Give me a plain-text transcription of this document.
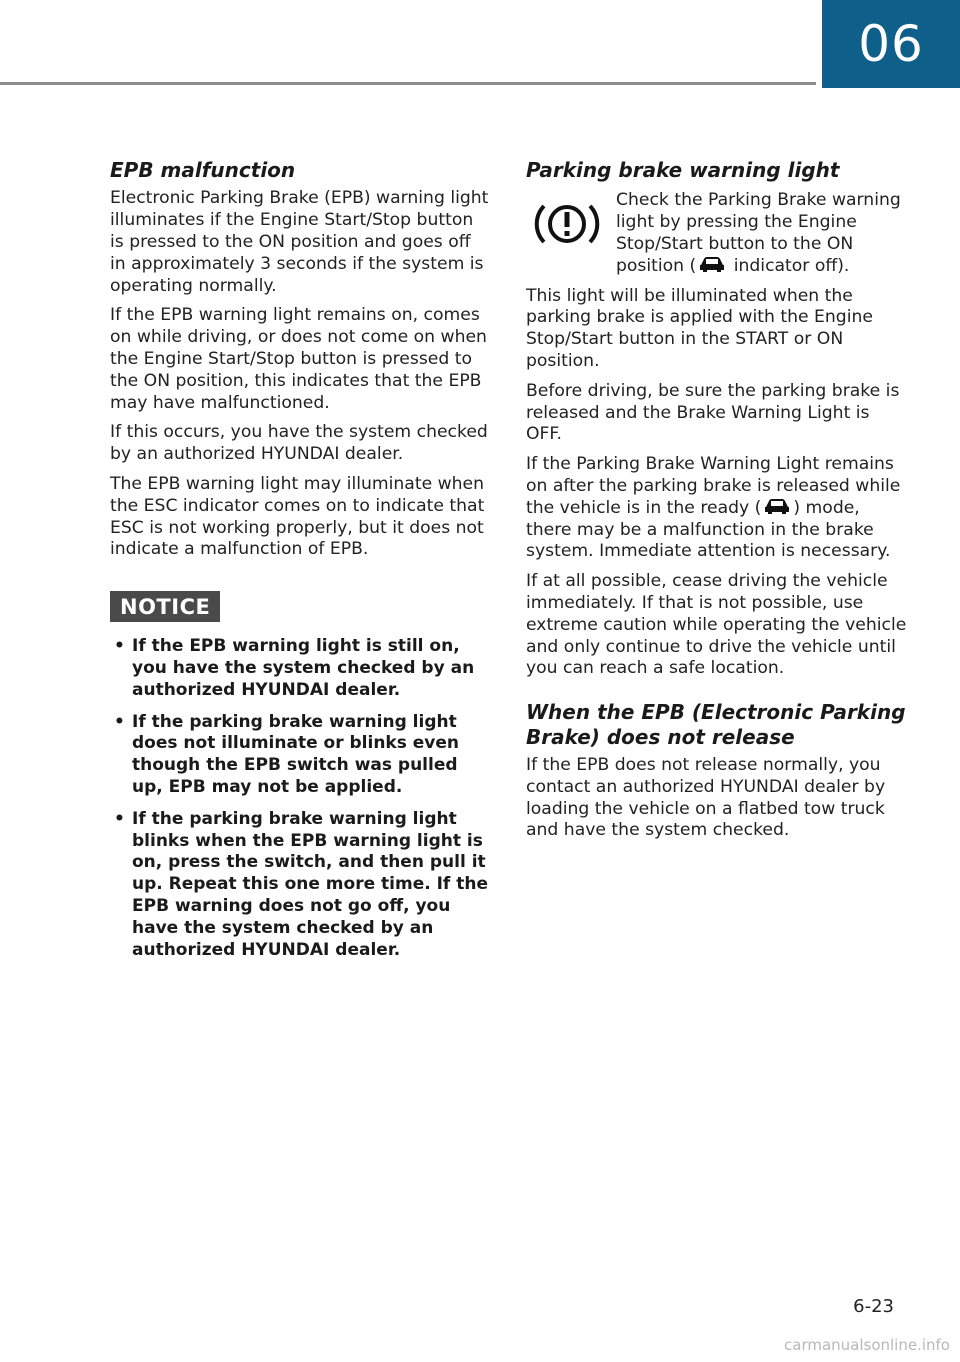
06
EPB malfunction

Electronic Parking Brake (EPB) warning light illuminates if the Engine Start/Stop button is pressed to the ON position and goes off in approximately 3 seconds if the system is operating normally.

If the EPB warning light remains on, comes on while driving, or does not come on when the Engine Start/Stop button is pressed to the ON position, this indicates that the EPB may have malfunctioned.

If this occurs, you have the system checked by an authorized HYUNDAI dealer.

The EPB warning light may illuminate when the ESC indicator comes on to indicate that ESC is not working properly, but it does not indicate a malfunction of EPB.

NOTICE
• If the EPB warning light is still on, you have the system checked by an authorized HYUNDAI dealer.
• If the parking brake warning light does not illuminate or blinks even though the EPB switch was pulled up, EPB may not be applied.
• If the parking brake warning light blinks when the EPB warning light is on, press the switch, and then pull it up. Repeat this one more time. If the EPB warning does not go off, you have the system checked by an authorized HYUNDAI dealer.
Parking brake warning light
Check the Parking Brake warning light by pressing the Engine Stop/Start button to the ON position ( indicator off).

This light will be illuminated when the parking brake is applied with the Engine Stop/Start button in the START or ON position.

Before driving, be sure the parking brake is released and the Brake Warning Light is OFF.

If the Parking Brake Warning Light remains on after the parking brake is released while the vehicle is in the ready ( ) mode, there may be a malfunction in the brake system. Immediate attention is necessary.

If at all possible, cease driving the vehicle immediately. If that is not possible, use extreme caution while operating the vehicle and only continue to drive the vehicle until you can reach a safe location.

When the EPB (Electronic Parking Brake) does not release

If the EPB does not release normally, you contact an authorized HYUNDAI dealer by loading the vehicle on a flatbed tow truck and have the system checked.

6-23
carmanualsonline.info
